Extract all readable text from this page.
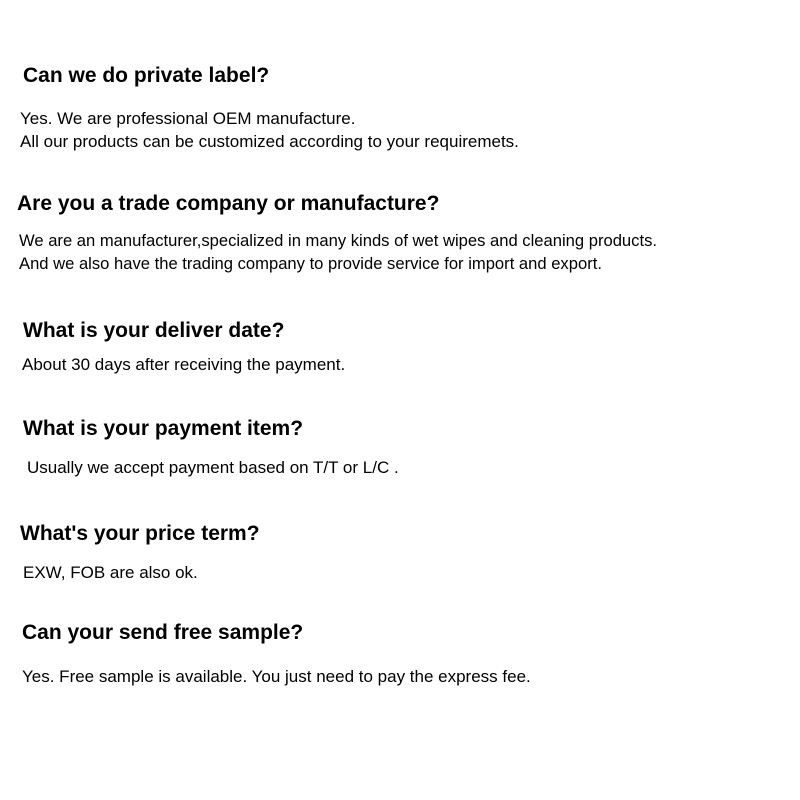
Can we do private label?

Yes. We are professional OEM manufacture.
All our products can be customized according to your requiremets.

Are you a trade company or manufacture?

We are an manufacturer,specialized in many kinds of wet wipes and cleaning products.
And we also have the trading company to provide service for import and export.

What is your deliver date?

About 30 days after receiving the payment.

What is your payment item?

Usually we accept payment based on T/T or L/C .

What's your price term?

EXW, FOB are also ok.

Can your send free sample?

Yes. Free sample is available. You just need to pay the express fee.
